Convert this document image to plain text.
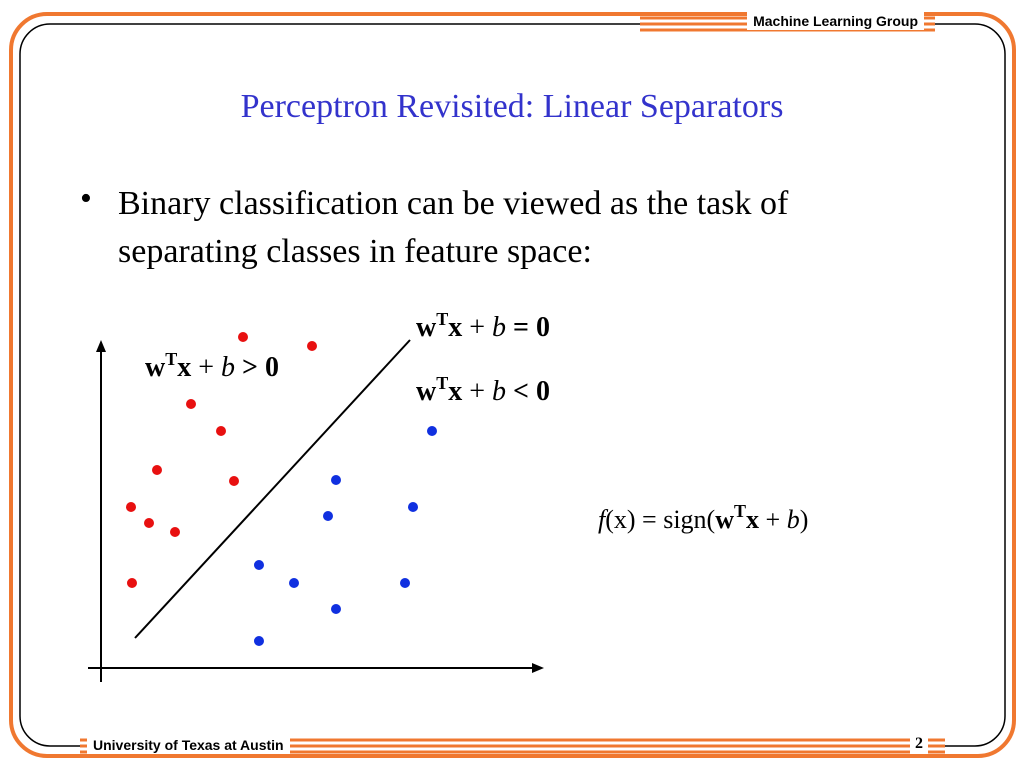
Machine Learning Group
Perceptron Revisited: Linear Separators
• Binary classification can be viewed as the task of separating classes in feature space:
$w^Tx + b = 0$
$w^Tx + b > 0$
$w^Tx + b < 0$
$f(x) = sign(w^Tx + b)$
University of Texas at Austin	2
